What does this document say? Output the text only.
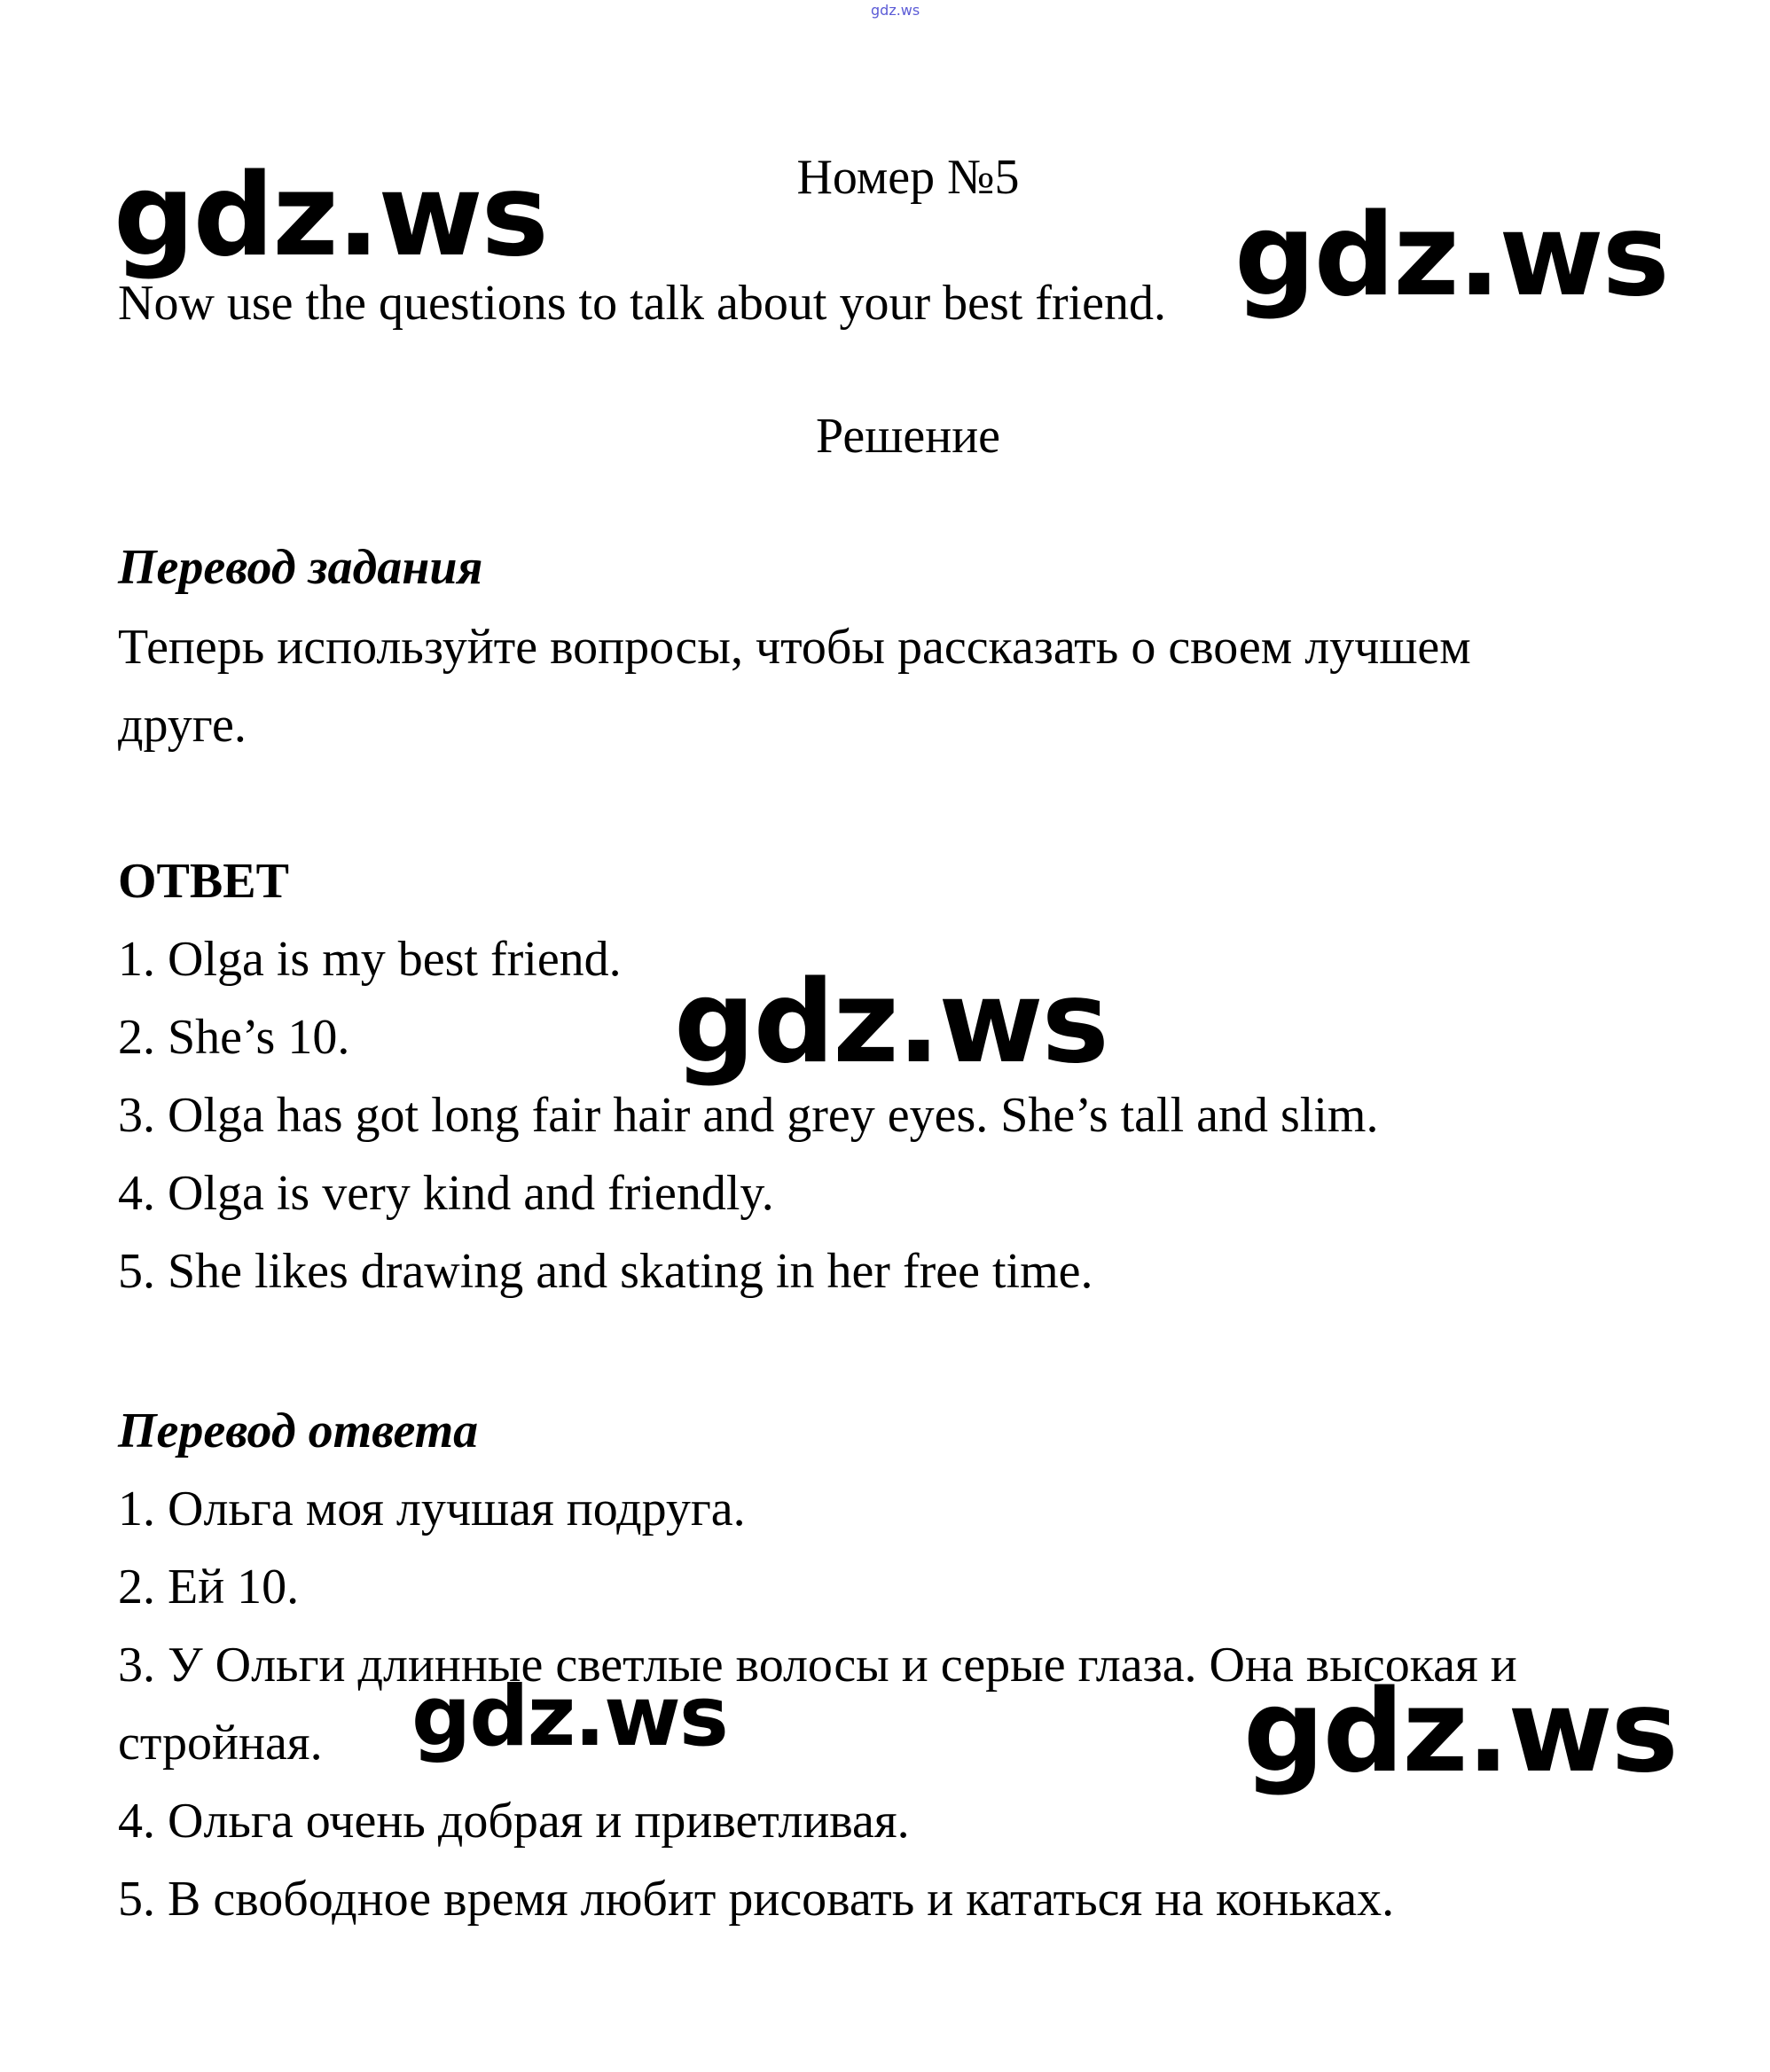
gdz.ws
Номер №5
Now use the questions to talk about your best friend.
Решение
Перевод задания
Теперь используйте вопросы, чтобы рассказать о своем лучшем
друге.
ОТВЕТ
1. Olga is my best friend.
2. She’s 10.
3. Olga has got long fair hair and grey eyes. She’s tall and slim.
4. Olga is very kind and friendly.
5. She likes drawing and skating in her free time.
Перевод ответа
1. Ольга моя лучшая подруга.
2. Ей 10.
3. У Ольги длинные светлые волосы и серые глаза. Она высокая и
стройная.
4. Ольга очень добрая и приветливая.
5. В свободное время любит рисовать и кататься на коньках.
gdz.ws	gdz.ws
gdz.ws
gdz.ws	gdz.ws
